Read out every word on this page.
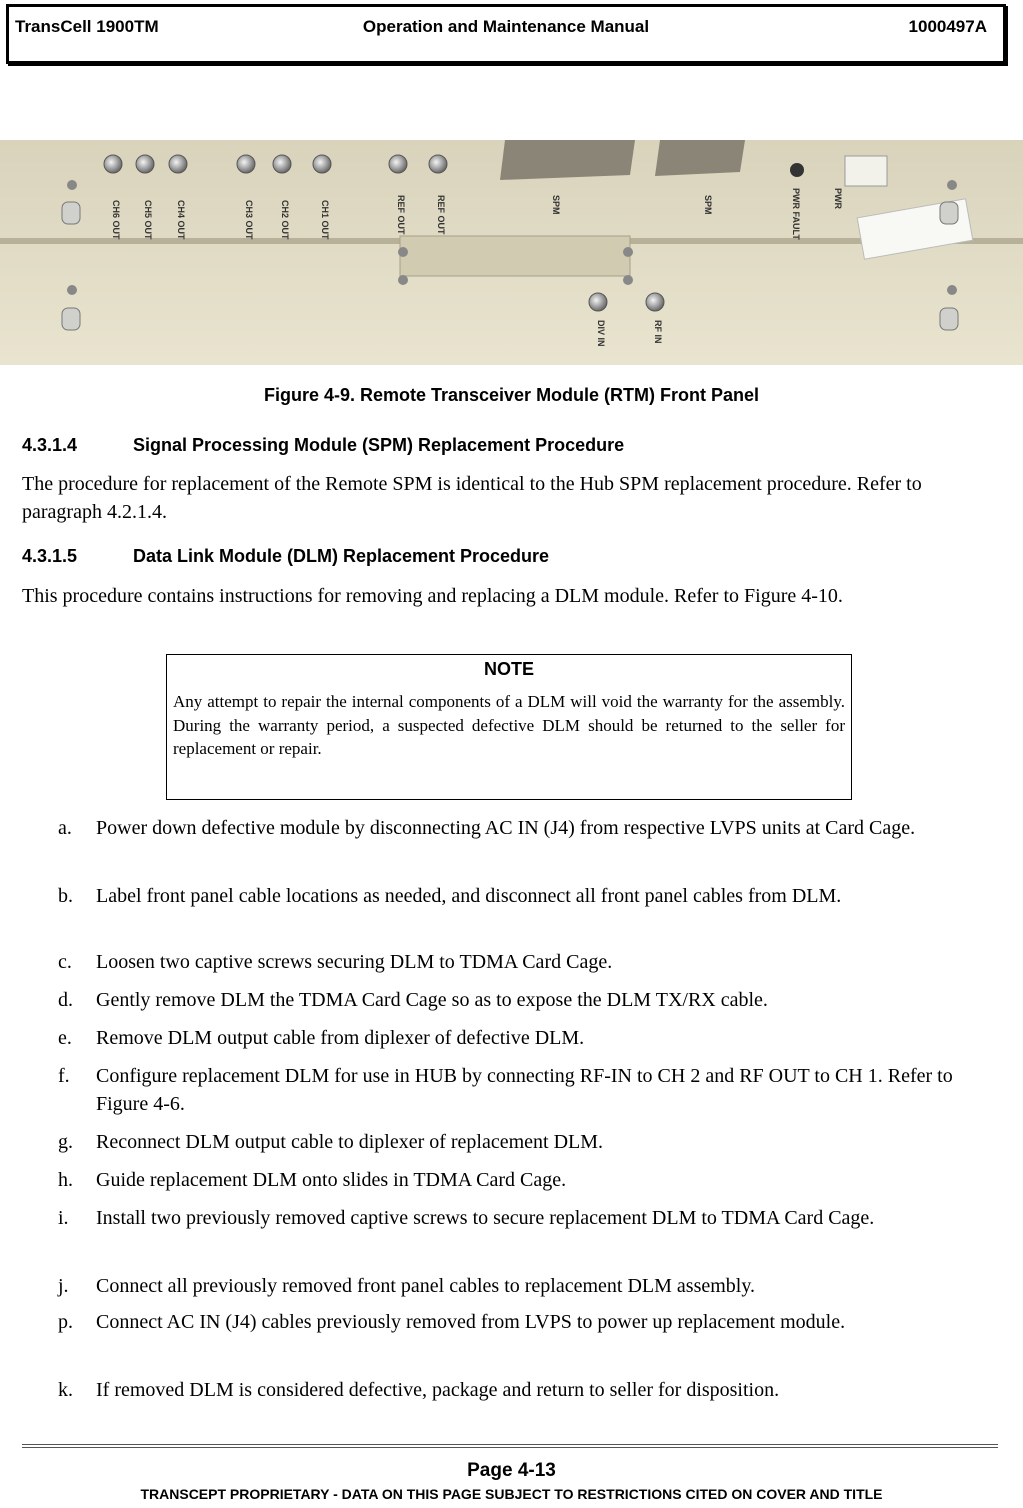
TransCell 1900TM	Operation and Maintenance Manual	1000497A
CH6 OUT CH5 OUT	CH4 OUT	CH3 OUT	CH2 OUT	CH1 OUT	REF OUT	REF OUT	SPM	SPM	PWR FAULT	PWR
DIV IN	RF IN
Figure 4-9. Remote Transceiver Module (RTM) Front Panel
4.3.1.4	Signal Processing Module (SPM) Replacement Procedure
The procedure for replacement of the Remote SPM is identical to the Hub SPM replacement procedure. Refer to paragraph 4.2.1.4.
4.3.1.5	Data Link Module (DLM) Replacement Procedure
This procedure contains instructions for removing and replacing a DLM module. Refer to Figure 4-10.
NOTE
Any attempt to repair the internal components of a DLM will void the warranty for the assembly. During the warranty period, a suspected defective DLM should be returned to the seller for replacement or repair.
a. Power down defective module by disconnecting AC IN (J4) from respective LVPS units at Card Cage.
b. Label front panel cable locations as needed, and disconnect all front panel cables from DLM.
c. Loosen two captive screws securing DLM to TDMA Card Cage.
d. Gently remove DLM the TDMA Card Cage so as to expose the DLM TX/RX cable.
e. Remove DLM output cable from diplexer of defective DLM.
f. Configure replacement DLM for use in HUB by connecting RF-IN to CH 2 and RF OUT to CH 1. Refer to Figure 4-6.
g. Reconnect DLM output cable to diplexer of replacement DLM.
h. Guide replacement DLM onto slides in TDMA Card Cage.
i. Install two previously removed captive screws to secure replacement DLM to TDMA Card Cage.
j. Connect all previously removed front panel cables to replacement DLM assembly.
p. Connect AC IN (J4) cables previously removed from LVPS to power up replacement module.
k. If removed DLM is considered defective, package and return to seller for disposition.
Page 4-13
TRANSCEPT PROPRIETARY - DATA ON THIS PAGE SUBJECT TO RESTRICTIONS CITED ON COVER AND TITLE
